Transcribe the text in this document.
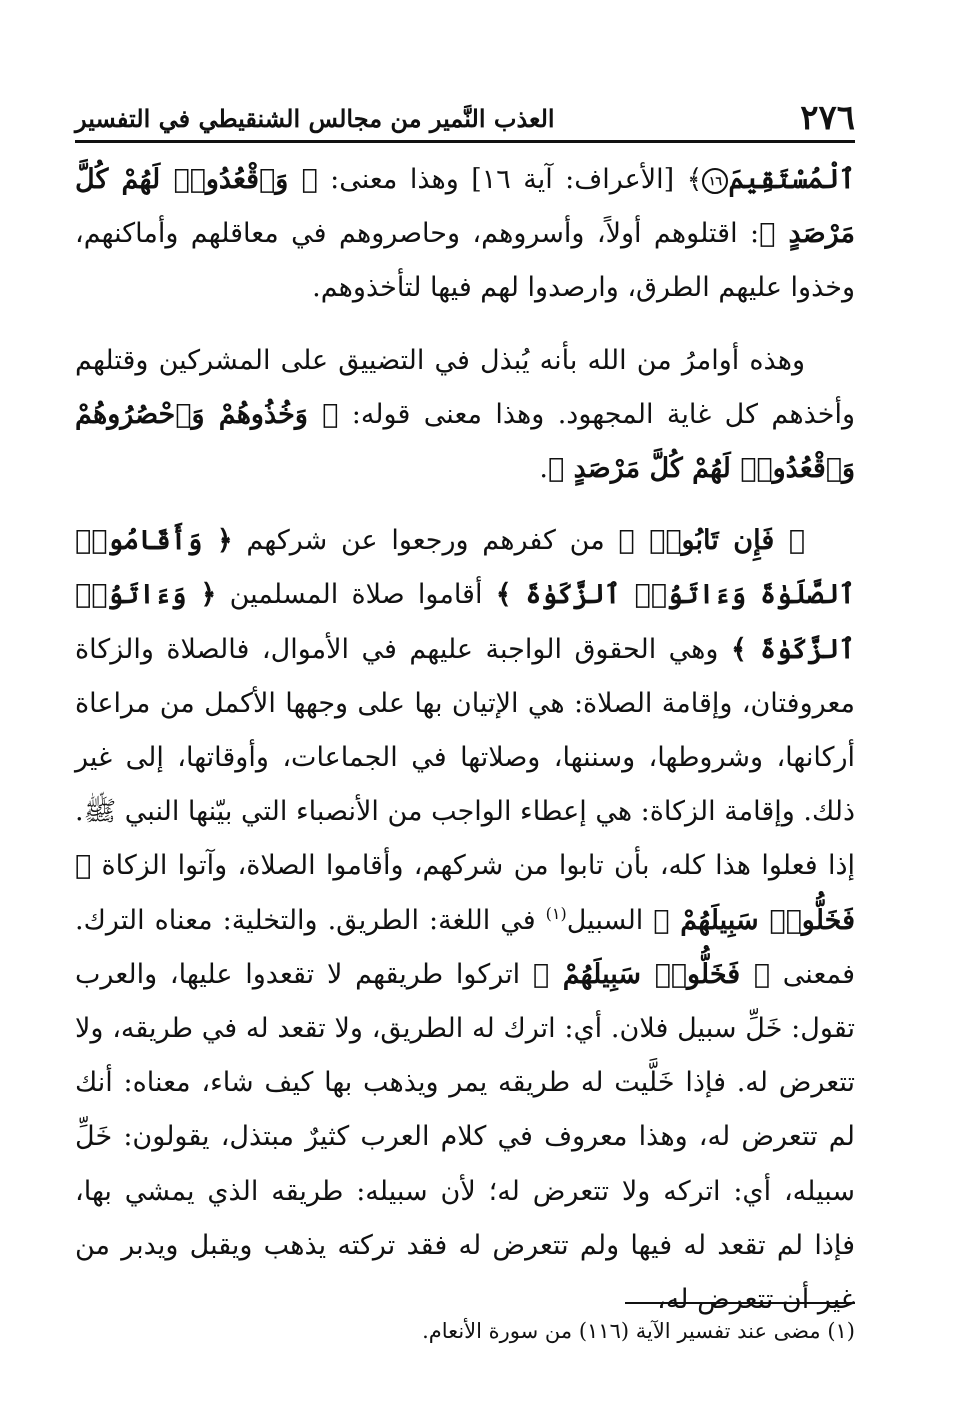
٢٧٦
العذب النَّمير من مجالس الشنقيطي في التفسير

ٱلْمُسْتَقِيمَ١٦﴾ [الأعراف: آية ١٦] وهذا معنى: ﴿ وَٱقْعُدُوا۟ لَهُمْ كُلَّ مَرْصَدٍ ﴾: اقتلوهم أولاً، وأسروهم، وحاصروهم في معاقلهم وأماكنهم، وخذوا عليهم الطرق، وارصدوا لهم فيها لتأخذوهم.

وهذه أوامرُ من الله بأنه يُبذل في التضييق على المشركين وقتلهم وأخذهم كل غاية المجهود. وهذا معنى قوله: ﴿ وَخُذُوهُمْ وَٱحْصُرُوهُمْ وَٱقْعُدُوا۟ لَهُمْ كُلَّ مَرْصَدٍ ﴾.

﴿ فَإِن تَابُوا۟ ﴾ من كفرهم ورجعوا عن شركهم ﴿ وَأَقَامُوا۟ ٱلصَّلَوٰةَ وَءَاتَوُا۟ ٱلزَّكَوٰةَ ﴾ أقاموا صلاة المسلمين ﴿ وَءَاتَوُا۟ ٱلزَّكَوٰةَ ﴾ وهي الحقوق الواجبة عليهم في الأموال، فالصلاة والزكاة معروفتان، وإقامة الصلاة: هي الإتيان بها على وجهها الأكمل من مراعاة أركانها، وشروطها، وسننها، وصلاتها في الجماعات، وأوقاتها، إلى غير ذلك. وإقامة الزكاة: هي إعطاء الواجب من الأنصباء التي بيّنها النبي ﷺ. إذا فعلوا هذا كله، بأن تابوا من شركهم، وأقاموا الصلاة، وآتوا الزكاة ﴿ فَخَلُّوا۟ سَبِيلَهُمْ ﴾ السبيل$^{(١)}$ في اللغة: الطريق. والتخلية: معناه الترك. فمعنى ﴿ فَخَلُّوا۟ سَبِيلَهُمْ ﴾ اتركوا طريقهم لا تقعدوا عليها، والعرب تقول: خَلِّ سبيل فلان. أي: اترك له الطريق، ولا تقعد له في طريقه، ولا تتعرض له. فإذا خَلَّيت له طريقه يمر ويذهب بها كيف شاء، معناه: أنك لم تتعرض له، وهذا معروف في كلام العرب كثيرٌ مبتذل، يقولون: خَلِّ سبيله، أي: اتركه ولا تتعرض له؛ لأن سبيله: طريقه الذي يمشي بها، فإذا لم تقعد له فيها ولم تتعرض له فقد تركته يذهب ويقبل ويدبر من غير أن تتعرض له،

(١) مضى عند تفسير الآية (١١٦) من سورة الأنعام.
